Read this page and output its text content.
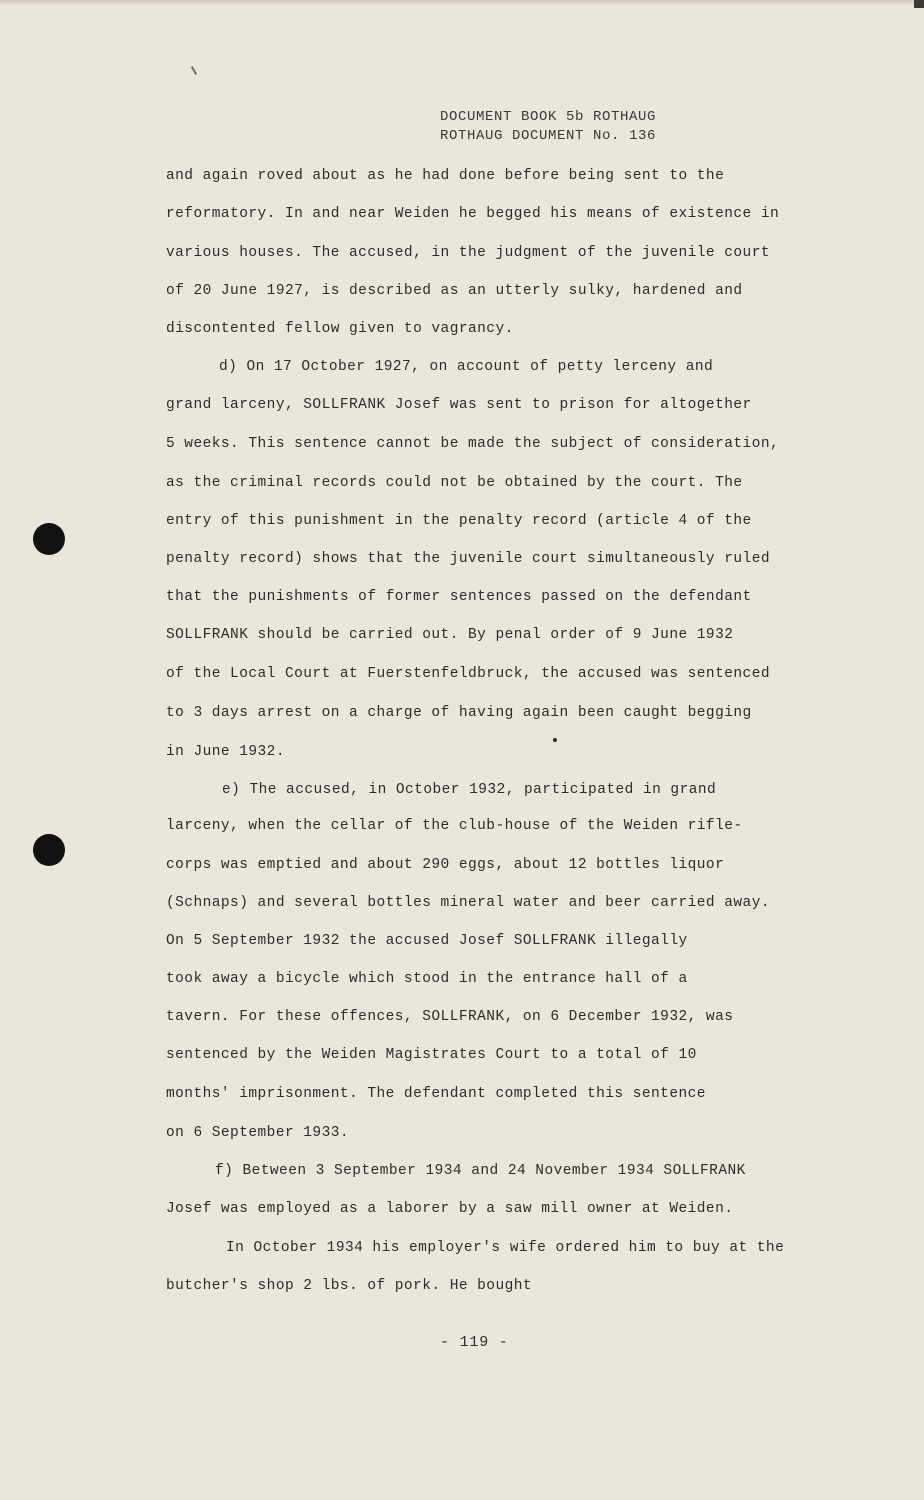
DOCUMENT BOOK 5b ROTHAUG
ROTHAUG DOCUMENT No. 136
and again roved about as he had done before being sent to the
reformatory. In and near Weiden he begged his means of existence in
various houses. The accused, in the judgment of the juvenile court
of 20 June 1927, is described as an utterly sulky, hardened and
discontented fellow given to vagrancy.
d) On 17 October 1927, on account of petty lerceny and
grand larceny, SOLLFRANK Josef was sent to prison for altogether
5 weeks. This sentence cannot be made the subject of consideration,
as the criminal records could not be obtained by the court. The
entry of this punishment in the penalty record (article 4 of the
penalty record) shows that the juvenile court simultaneously ruled
that the punishments of former sentences passed on the defendant
SOLLFRANK should be carried out. By penal order of 9 June 1932
of the Local Court at Fuerstenfeldbruck, the accused was sentenced
to 3 days arrest on a charge of having again been caught begging
in June 1932.
e) The accused, in October 1932, participated in grand
larceny, when the cellar of the club-house of the Weiden rifle-
corps was emptied and about 290 eggs, about 12 bottles liquor
(Schnaps) and several bottles mineral water and beer carried away.
On 5 September 1932 the accused Josef SOLLFRANK illegally
took away a bicycle which stood in the entrance hall of a
tavern. For these offences, SOLLFRANK, on 6 December 1932, was
sentenced by the Weiden Magistrates Court to a total of 10
months' imprisonment. The defendant completed this sentence
on 6 September 1933.
f) Between 3 September 1934 and 24 November 1934 SOLLFRANK
Josef was employed as a laborer by a saw mill owner at Weiden.
In October 1934 his employer's wife ordered him to buy at the
butcher's shop 2 lbs. of pork. He bought
- 119 -
